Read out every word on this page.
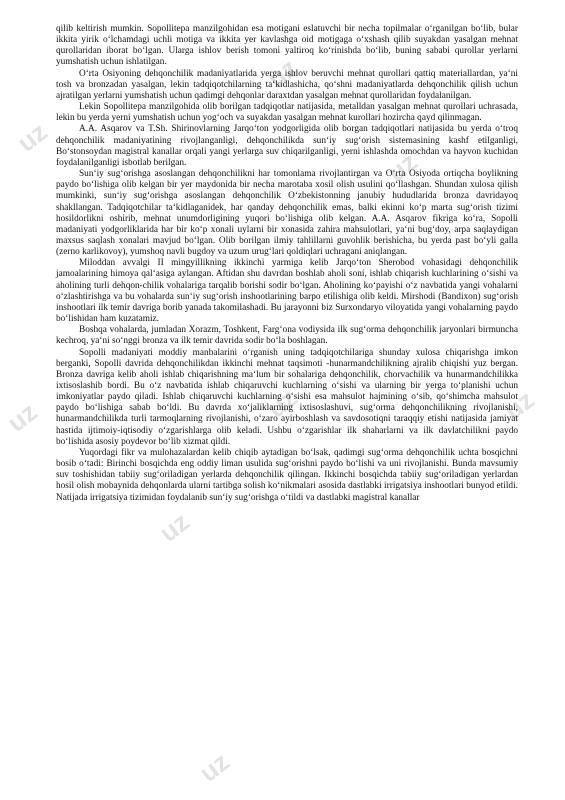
uz
uz
uz
uz	uz
uz
uz
uz

qilib keltirish mumkin. Sopollitepa manzilgohidan esa motigani eslatuvchi bir necha topilmalar oʻrganilgan boʻlib, bular ikkita yirik oʻlchamdagi uchli motiga va ikkita yer kavlashga oid motigaga oʻxshash qilib suyakdan yasalgan mehnat qurollaridan iborat boʻlgan. Ularga ishlov berish tomoni yaltiroq koʻrinishda boʻlib, buning sababi qurollar yerlarni yumshatish uchun ishlatilgan.

Oʻrta Osiyoning dehqonchilik madaniyatlarida yerga ishlov beruvchi mehnat qurollari qattiq materiallardan, yaʻni tosh va bronzadan yasalgan, lekin tadqiqotchilarning taʻkidlashicha, qoʻshni madaniyatlarda dehqonchilik qilish uchun ajratilgan yerlarni yumshatish uchun qadimgi dehqonlar daraxtdan yasalgan mehnat qurollaridan foydalanilgan.

Lekin Sopollitepa manzilgohida olib borilgan tadqiqotlar natijasida, metalldan yasalgan mehnat qurollari uchrasada, lekin bu yerda yerni yumshatish uchun yogʻoch va suyakdan yasalgan mehnat kurollari hozircha qayd qilinmagan.

A.A. Asqarov va T.Sh. Shirinovlarning Jarqoʻton yodgorligida olib borgan tadqiqotlari natijasida bu yerda oʻtroq dehqonchilik madaniyatining rivojlanganligi, dehqonchilikda sunʻiy sugʻorish sistemasining kashf etilganligi, Boʻstonsoydan magistral kanallar orqali yangi yerlarga suv chiqarilganligi, yerni ishlashda omochdan va hayvon kuchidan foydalanilganligi isbotlab berilgan.

Sunʻiy sugʻorishga asoslangan dehqonchilikni har tomonlama rivojlantirgan va Oʻrta Osiyoda ortiqcha boylikning paydo boʻlishiga olib kelgan bir yer maydonida bir necha marotaba xosil olish usulini qoʻllashgan. Shundan xulosa qilish mumkinki, sunʻiy sugʻorishga asoslangan dehqonchilik Oʻzbekistonning janubiy hududlarida bronza davridayoq shakllangan. Tadqiqotchilar taʻkidlaganidek, har qanday dehqonchilik emas, balki ekinni koʻp marta sugʻorish tizimi hosildorlikni oshirib, mehnat unumdorligining yuqori boʻlishiga olib kelgan. A.A. Asqarov fikriga koʻra, Sopolli madaniyati yodgorliklarida har bir koʻp xonali uylarni bir xonasida zahira mahsulotlari, yaʻni bugʻdoy, arpa saqlaydigan maxsus saqlash xonalari mavjud boʻlgan. Olib borilgan ilmiy tahlillarni guvohlik berishicha, bu yerda past boʻyli galla (zerno karlikovoy), yumshoq navli bugdoy va uzum urugʻlari qoldiqlari uchragani aniqlangan.

Miloddan avvalgi II mingyillikning ikkinchi yarmiga kelib Jarqoʻton Sherobod vohasidagi dehqonchilik jamoalarining himoya qalʻasiga aylangan. Aftidan shu davrdan boshlab aholi soni, ishlab chiqarish kuchlarining oʻsishi va aholining turli dehqon-chilik vohalariga tarqalib borishi sodir boʻlgan. Aholining koʻpayishi oʻz navbatida yangi vohalarni oʻzlashtirishga va bu vohalarda sunʻiy sugʻorish inshootlarining barpo etilishiga olib keldi. Mirshodi (Bandixon) sugʻorish inshootlari ilk temir davriga borib yanada takomilashadi. Bu jarayonni biz Surxondaryo viloyatida yangi vohalarning paydo boʻlishidan ham kuzatamiz.

Boshqa vohalarda, jumladan Xorazm, Toshkent, Fargʻona vodiysida ilk sugʻorma dehqonchilik jaryonlari birmuncha kechroq, yaʻni soʻnggi bronza va ilk temir davrida sodir boʻla boshlagan.

Sopolli madaniyati moddiy manbalarini oʻrganish uning tadqiqotchilariga shunday xulosa chiqarishga imkon berganki, Sopolli davrida dehqonchilikdan ikkinchi mehnat taqsimoti -hunarmandchilikning ajralib chiqishi yuz bergan. Bronza davriga kelib aholi ishlab chiqarishning maʻlum bir sohalariga dehqonchilik, chorvachilik va hunarmandchilikka ixtisoslashib bordi. Bu oʻz navbatida ishlab chiqaruvchi kuchlarning oʻsishi va ularning bir yerga toʻplanishi uchun imkoniyatlar paydo qiladi. Ishlab chiqaruvchi kuchlarning oʻsishi esa mahsulot hajmining oʻsib, qoʻshimcha mahsulot paydo boʻlishiga sabab boʻldi. Bu davrda xoʻjaliklarning ixtisoslashuvi, sugʻorma dehqonchilikning rivojlanishi, hunarmandchilikda turli tarmoqlarning rivojlanishi, oʻzaro ayirboshlash va savdosotiqni taraqqiy etishi natijasida jamiyat hastida ijtimoiy-iqtisodiy oʻzgarishlarga olib keladi. Ushbu oʻzgarishlar ilk shaharlarni va ilk davlatchilikni paydo boʻlishida asosiy poydevor boʻlib xizmat qildi.

Yuqordagi fikr va mulohazalardan kelib chiqib aytadigan boʻlsak, qadimgi sugʻorma dehqonchilik uchta bosqichni bosib oʻtadi: Birinchi bosqichda eng oddiy liman usulida sugʻorishni paydo boʻlishi va uni rivojlanishi. Bunda mavsumiy suv toshishidan tabiiy sugʻoriladigan yerlarda dehqonchilik qilingan. Ikkinchi bosqichda tabiiy sugʻoriladigan yerlardan hosil olish mobaynida dehqonlarda ularni tartibga solish koʻnikmalari asosida dastlabki irrigatsiya inshootlari bunyod etildi. Natijada irrigatsiya tizimidan foydalanib sunʻiy sugʻorishga oʻtildi va dastlabki magistral kanallar
